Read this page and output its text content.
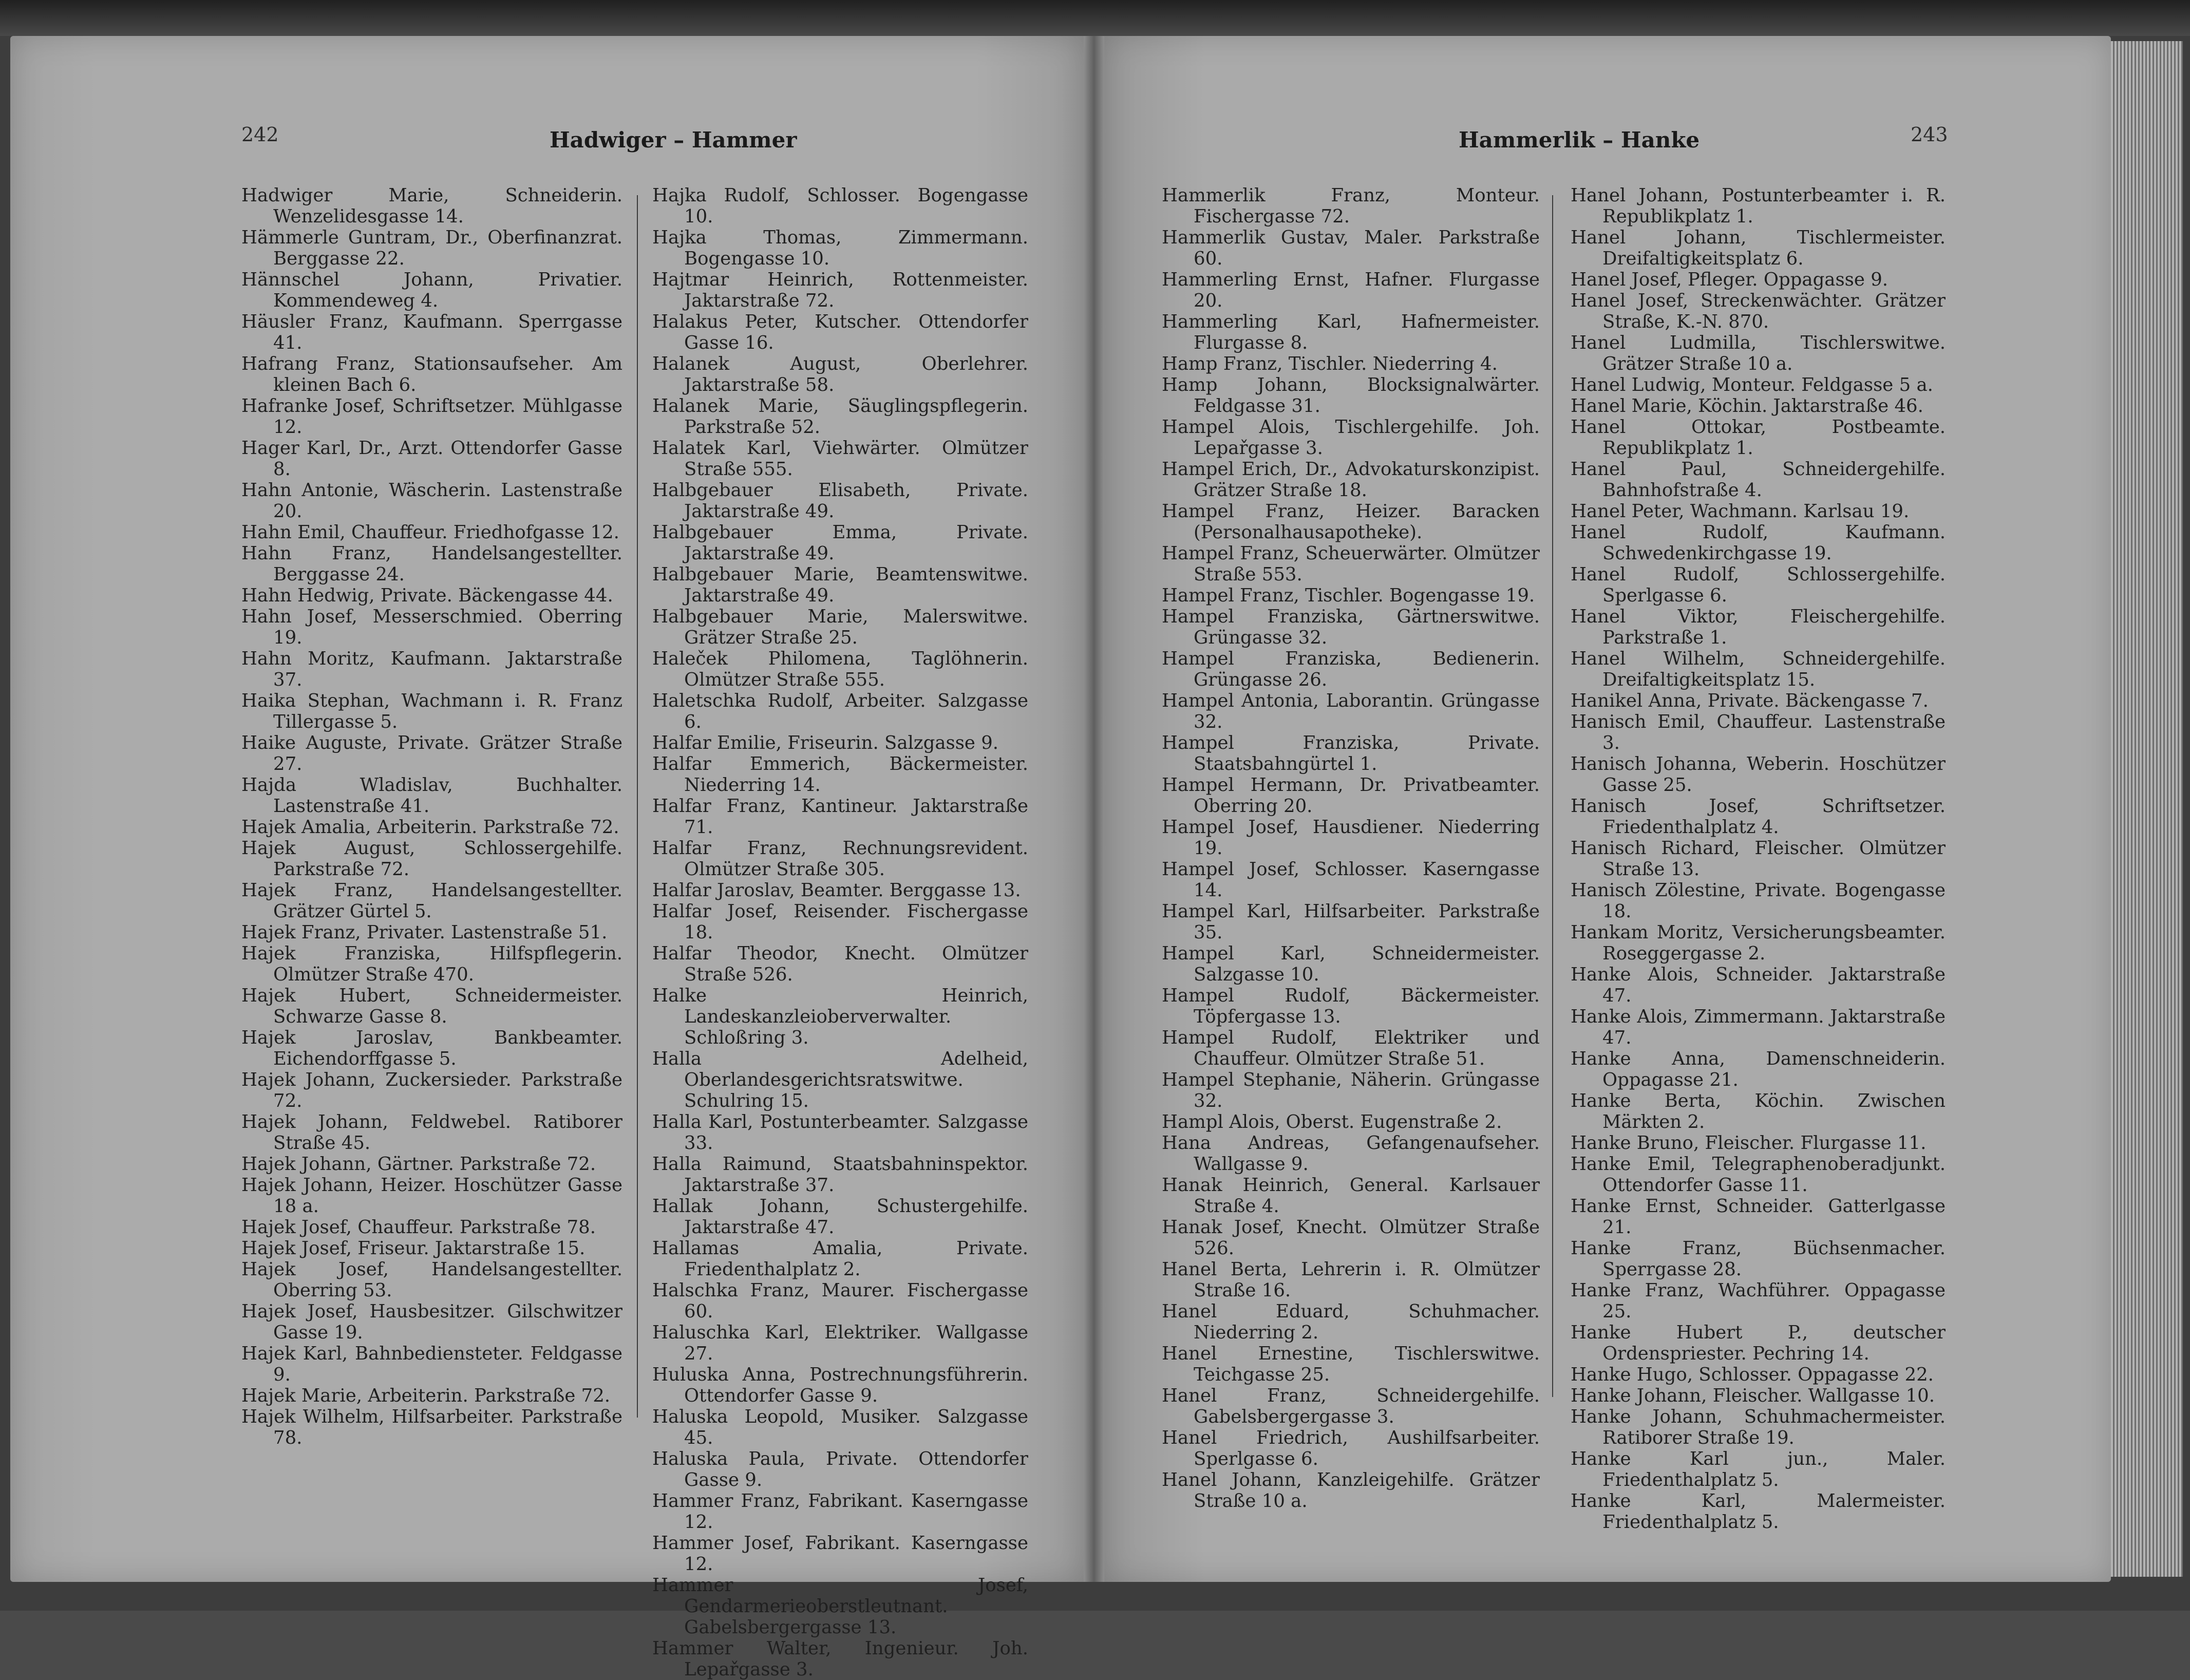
242	Hadwiger – Hammer	Hammerlik – Hanke	243

Hadwiger Marie, Schneiderin. Wenzelidesgasse 14.

Hämmerle Guntram, Dr., Oberfinanzrat. Berggasse 22.

Hännschel Johann, Privatier. Kommendeweg 4.

Häusler Franz, Kaufmann. Sperrgasse 41.

Hafrang Franz, Stationsaufseher. Am kleinen Bach 6.

Hafranke Josef, Schriftsetzer. Mühlgasse 12.

Hager Karl, Dr., Arzt. Ottendorfer Gasse 8.

Hahn Antonie, Wäscherin. Lastenstraße 20.

Hahn Emil, Chauffeur. Friedhofgasse 12.

Hahn Franz, Handelsangestellter. Berggasse 24.

Hahn Hedwig, Private. Bäckengasse 44.

Hahn Josef, Messerschmied. Oberring 19.

Hahn Moritz, Kaufmann. Jaktarstraße 37.

Haika Stephan, Wachmann i. R. Franz Tillergasse 5.

Haike Auguste, Private. Grätzer Straße 27.

Hajda Wladislav, Buchhalter. Lastenstraße 41.

Hajek Amalia, Arbeiterin. Parkstraße 72.

Hajek August, Schlossergehilfe. Parkstraße 72.

Hajek Franz, Handelsangestellter. Grätzer Gürtel 5.

Hajek Franz, Privater. Lastenstraße 51.

Hajek Franziska, Hilfspflegerin. Olmützer Straße 470.

Hajek Hubert, Schneidermeister. Schwarze Gasse 8.

Hajek Jaroslav, Bankbeamter. Eichendorffgasse 5.

Hajek Johann, Zuckersieder. Parkstraße 72.

Hajek Johann, Feldwebel. Ratiborer Straße 45.

Hajek Johann, Gärtner. Parkstraße 72.

Hajek Johann, Heizer. Hoschützer Gasse 18 a.

Hajek Josef, Chauffeur. Parkstraße 78.

Hajek Josef, Friseur. Jaktarstraße 15.

Hajek Josef, Handelsangestellter. Oberring 53.

Hajek Josef, Hausbesitzer. Gilschwitzer Gasse 19.

Hajek Karl, Bahnbediensteter. Feldgasse 9.

Hajek Marie, Arbeiterin. Parkstraße 72.

Hajek Wilhelm, Hilfsarbeiter. Parkstraße 78.

Hajka Rudolf, Schlosser. Bogengasse 10.

Hajka Thomas, Zimmermann. Bogengasse 10.

Hajtmar Heinrich, Rottenmeister. Jaktarstraße 72.

Halakus Peter, Kutscher. Ottendorfer Gasse 16.

Halanek August, Oberlehrer. Jaktarstraße 58.

Halanek Marie, Säuglingspflegerin. Parkstraße 52.

Halatek Karl, Viehwärter. Olmützer Straße 555.

Halbgebauer Elisabeth, Private. Jaktarstraße 49.

Halbgebauer Emma, Private. Jaktarstraße 49.

Halbgebauer Marie, Beamtenswitwe. Jaktarstraße 49.

Halbgebauer Marie, Malerswitwe. Grätzer Straße 25.

Haleček Philomena, Taglöhnerin. Olmützer Straße 555.

Haletschka Rudolf, Arbeiter. Salzgasse 6.

Halfar Emilie, Friseurin. Salzgasse 9.

Halfar Emmerich, Bäckermeister. Niederring 14.

Halfar Franz, Kantineur. Jaktarstraße 71.

Halfar Franz, Rechnungsrevident. Olmützer Straße 305.

Halfar Jaroslav, Beamter. Berggasse 13.

Halfar Josef, Reisender. Fischergasse 18.

Halfar Theodor, Knecht. Olmützer Straße 526.

Halke Heinrich, Landeskanzleioberverwalter. Schloßring 3.

Halla Adelheid, Oberlandesgerichtsratswitwe. Schulring 15.

Halla Karl, Postunterbeamter. Salzgasse 33.

Halla Raimund, Staatsbahninspektor. Jaktarstraße 37.

Hallak Johann, Schustergehilfe. Jaktarstraße 47.

Hallamas Amalia, Private. Friedenthalplatz 2.

Halschka Franz, Maurer. Fischergasse 60.

Haluschka Karl, Elektriker. Wallgasse 27.

Huluska Anna, Postrechnungsführerin. Ottendorfer Gasse 9.

Haluska Leopold, Musiker. Salzgasse 45.

Haluska Paula, Private. Ottendorfer Gasse 9.

Hammer Franz, Fabrikant. Kaserngasse 12.

Hammer Josef, Fabrikant. Kaserngasse 12.

Hammer Josef, Gendarmerieoberstleutnant. Gabelsbergergasse 13.

Hammer Walter, Ingenieur. Joh. Lepařgasse 3.

Hammerlik Franz, Monteur. Fischergasse 72.

Hammerlik Gustav, Maler. Parkstraße 60.

Hammerling Ernst, Hafner. Flurgasse 20.

Hammerling Karl, Hafnermeister. Flurgasse 8.

Hamp Franz, Tischler. Niederring 4.

Hamp Johann, Blocksignalwärter. Feldgasse 31.

Hampel Alois, Tischlergehilfe. Joh. Lepařgasse 3.

Hampel Erich, Dr., Advokaturskonzipist. Grätzer Straße 18.

Hampel Franz, Heizer. Baracken (Personalhausapotheke).

Hampel Franz, Scheuerwärter. Olmützer Straße 553.

Hampel Franz, Tischler. Bogengasse 19.

Hampel Franziska, Gärtnerswitwe. Grüngasse 32.

Hampel Franziska, Bedienerin. Grüngasse 26.

Hampel Antonia, Laborantin. Grüngasse 32.

Hampel Franziska, Private. Staatsbahngürtel 1.

Hampel Hermann, Dr. Privatbeamter. Oberring 20.

Hampel Josef, Hausdiener. Niederring 19.

Hampel Josef, Schlosser. Kaserngasse 14.

Hampel Karl, Hilfsarbeiter. Parkstraße 35.

Hampel Karl, Schneidermeister. Salzgasse 10.

Hampel Rudolf, Bäckermeister. Töpfergasse 13.

Hampel Rudolf, Elektriker und Chauffeur. Olmützer Straße 51.

Hampel Stephanie, Näherin. Grüngasse 32.

Hampl Alois, Oberst. Eugenstraße 2.

Hana Andreas, Gefangenaufseher. Wallgasse 9.

Hanak Heinrich, General. Karlsauer Straße 4.

Hanak Josef, Knecht. Olmützer Straße 526.

Hanel Berta, Lehrerin i. R. Olmützer Straße 16.

Hanel Eduard, Schuhmacher. Niederring 2.

Hanel Ernestine, Tischlerswitwe. Teichgasse 25.

Hanel Franz, Schneidergehilfe. Gabelsbergergasse 3.

Hanel Friedrich, Aushilfsarbeiter. Sperlgasse 6.

Hanel Johann, Kanzleigehilfe. Grätzer Straße 10 a.

Hanel Johann, Postunterbeamter i. R. Republikplatz 1.

Hanel Johann, Tischlermeister. Dreifaltigkeitsplatz 6.

Hanel Josef, Pfleger. Oppagasse 9.

Hanel Josef, Streckenwächter. Grätzer Straße, K.-N. 870.

Hanel Ludmilla, Tischlerswitwe. Grätzer Straße 10 a.

Hanel Ludwig, Monteur. Feldgasse 5 a.

Hanel Marie, Köchin. Jaktarstraße 46.

Hanel Ottokar, Postbeamte. Republikplatz 1.

Hanel Paul, Schneidergehilfe. Bahnhofstraße 4.

Hanel Peter, Wachmann. Karlsau 19.

Hanel Rudolf, Kaufmann. Schwedenkirchgasse 19.

Hanel Rudolf, Schlossergehilfe. Sperlgasse 6.

Hanel Viktor, Fleischergehilfe. Parkstraße 1.

Hanel Wilhelm, Schneidergehilfe. Dreifaltigkeitsplatz 15.

Hanikel Anna, Private. Bäckengasse 7.

Hanisch Emil, Chauffeur. Lastenstraße 3.

Hanisch Johanna, Weberin. Hoschützer Gasse 25.

Hanisch Josef, Schriftsetzer. Friedenthalplatz 4.

Hanisch Richard, Fleischer. Olmützer Straße 13.

Hanisch Zölestine, Private. Bogengasse 18.

Hankam Moritz, Versicherungsbeamter. Roseggergasse 2.

Hanke Alois, Schneider. Jaktarstraße 47.

Hanke Alois, Zimmermann. Jaktarstraße 47.

Hanke Anna, Damenschneiderin. Oppagasse 21.

Hanke Berta, Köchin. Zwischen Märkten 2.

Hanke Bruno, Fleischer. Flurgasse 11.

Hanke Emil, Telegraphenoberadjunkt. Ottendorfer Gasse 11.

Hanke Ernst, Schneider. Gatterlgasse 21.

Hanke Franz, Büchsenmacher. Sperrgasse 28.

Hanke Franz, Wachführer. Oppagasse 25.

Hanke Hubert P., deutscher Ordenspriester. Pechring 14.

Hanke Hugo, Schlosser. Oppagasse 22.

Hanke Johann, Fleischer. Wallgasse 10.

Hanke Johann, Schuhmachermeister. Ratiborer Straße 19.

Hanke Karl jun., Maler. Friedenthalplatz 5.

Hanke Karl, Malermeister. Friedenthalplatz 5.
